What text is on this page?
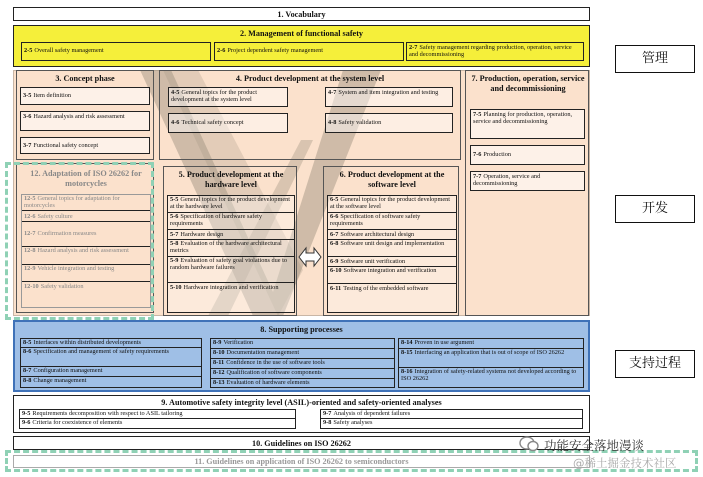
1. Vocabulary
2. Management of functional safety
2-5 Overall safety management	2-6 Project dependent safety management	2-7 Safety management regarding production, operation, service and decommissioning
3. Concept phase
3-5 Item definition
3-6 Hazard analysis and risk assessment
3-7 Functional safety concept
4. Product development at the system level
4-5 General topics for the product development at the system level
4-6 Technical safety concept
4-7 System and item integration and testing
4-8 Safety validation
7. Production, operation, service and decommissioning
7-5 Planning for production, operation, service and decommissioning
7-6 Production
7-7 Operation, service and decommissioning
12. Adaptation of ISO 26262 for motorcycles
12-5 General topics for adaptation for motorcycles
12-6 Safety culture
12-7 Confirmation measures
12-8 Hazard analysis and risk assessment
12-9 Vehicle integration and testing
12-10 Safety validation
5. Product development at the hardware level
5-5 General topics for the product development at the hardware level
5-6 Specification of hardware safety requirements
5-7 Hardware design
5-8 Evaluation of the hardware architectural metrics
5-9 Evaluation of safety goal violations due to random hardware failures
5-10 Hardware integration and verification
6. Product development at the software level
6-5 General topics for the product development at the software level
6-6 Specification of software safety requirements
6-7 Software architectural design
6-8 Software unit design and implementation
6-9 Software unit verification
6-10 Software integration and verification
6-11 Testing of the embedded software
8. Supporting processes
8-5 Interfaces within distributed developments
8-6 Specification and management of safety requirements
8-7 Configuration management
8-8 Change management
8-9 Verification
8-10 Documentation management
8-11 Confidence in the use of software tools
8-12 Qualification of software components
8-13 Evaluation of hardware elements
8-14 Proven in use argument
8-15 Interfacing an application that is out of scope of ISO 26262
8-16 Integration of safety-related systems not developed according to ISO 26262
9. Automotive safety integrity level (ASIL)-oriented and safety-oriented analyses
9-5 Requirements decomposition with respect to ASIL tailoring
9-6 Criteria for coexistence of elements
9-7 Analysis of dependent failures
9-8 Safety analyses
10. Guidelines on ISO 26262
11. Guidelines on application of ISO 26262 to semiconductors
管理
开发
支持过程
功能安全落地漫谈
@稀土掘金技术社区
